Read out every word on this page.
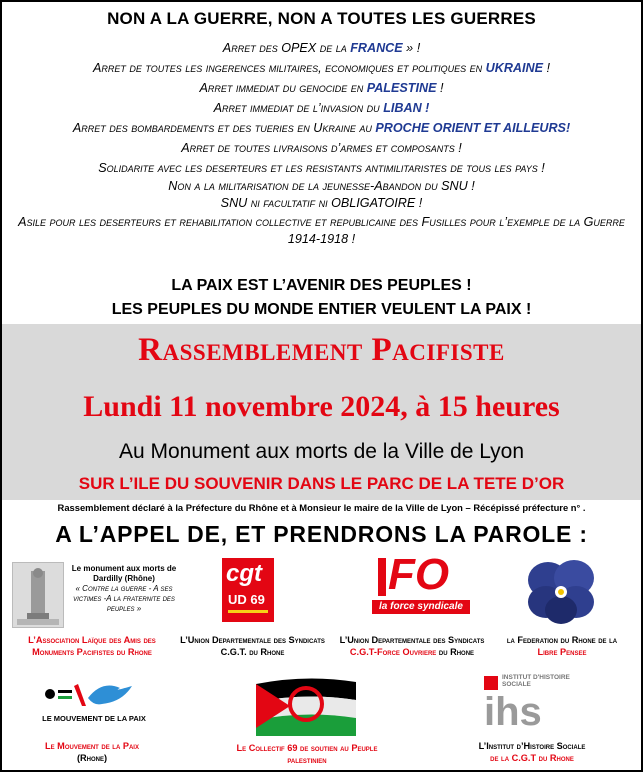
NON A LA GUERRE, NON A TOUTES LES GUERRES
Arret des OPEX de la FRANCE » !
Arret de toutes les ingerences militaires, economiques et politiques en UKRAINE !
Arret immediat du genocide en PALESTINE !
Arret immediat de l’invasion du LIBAN !
Arret des bombardements et des tueries en Ukraine au PROCHE ORIENT ET AILLEURS!
Arret de toutes livraisons d’armes et composants !
Solidarite avec les deserteurs et les resistants antimilitaristes de tous les pays !
Non a la militarisation de la jeunesse-Abandon du SNU !
SNU ni facultatif ni OBLIGATOIRE !
Asile pour les deserteurs et rehabilitation collective et republicaine des Fusilles pour l’exemple de la Guerre 1914-1918 !
LA PAIX EST L’AVENIR DES PEUPLES !
LES PEUPLES DU MONDE ENTIER VEULENT LA PAIX !
Rassemblement Pacifiste
Lundi 11 novembre 2024, à 15 heures
Au Monument aux morts de la Ville de Lyon
SUR L’ILE DU SOUVENIR DANS LE PARC DE LA TETE D’OR
Rassemblement déclaré à la Préfecture du Rhône et à Monsieur le maire de la Ville de Lyon – Récépissé préfecture n° .
A L’APPEL DE, ET PRENDRONS LA PAROLE :
Le monument aux morts de Dardilly (Rhône)
« Contre la guerre - A ses victimes -A la fraternite des peuples »
L’Association Laïque des Amis des Monuments Pacifistes du Rhone
cgt
UD 69
L’Union Departementale des Syndicats C.G.T. du Rhone
FO
la force syndicale
L’Union Departementale des Syndicats C.G.T-Force Ouvriere du Rhone
la Federation du Rhone de la
Libre Pensee
LE MOUVEMENT DE LA PAIX
Le Mouvement de la Paix
(Rhone)
Le Collectif 69 de soutien au Peuple palestinien
INSTITUT D'HISTOIRE SOCIALE
ihs
L’Institut d’Histoire Sociale
de la C.G.T du Rhone
